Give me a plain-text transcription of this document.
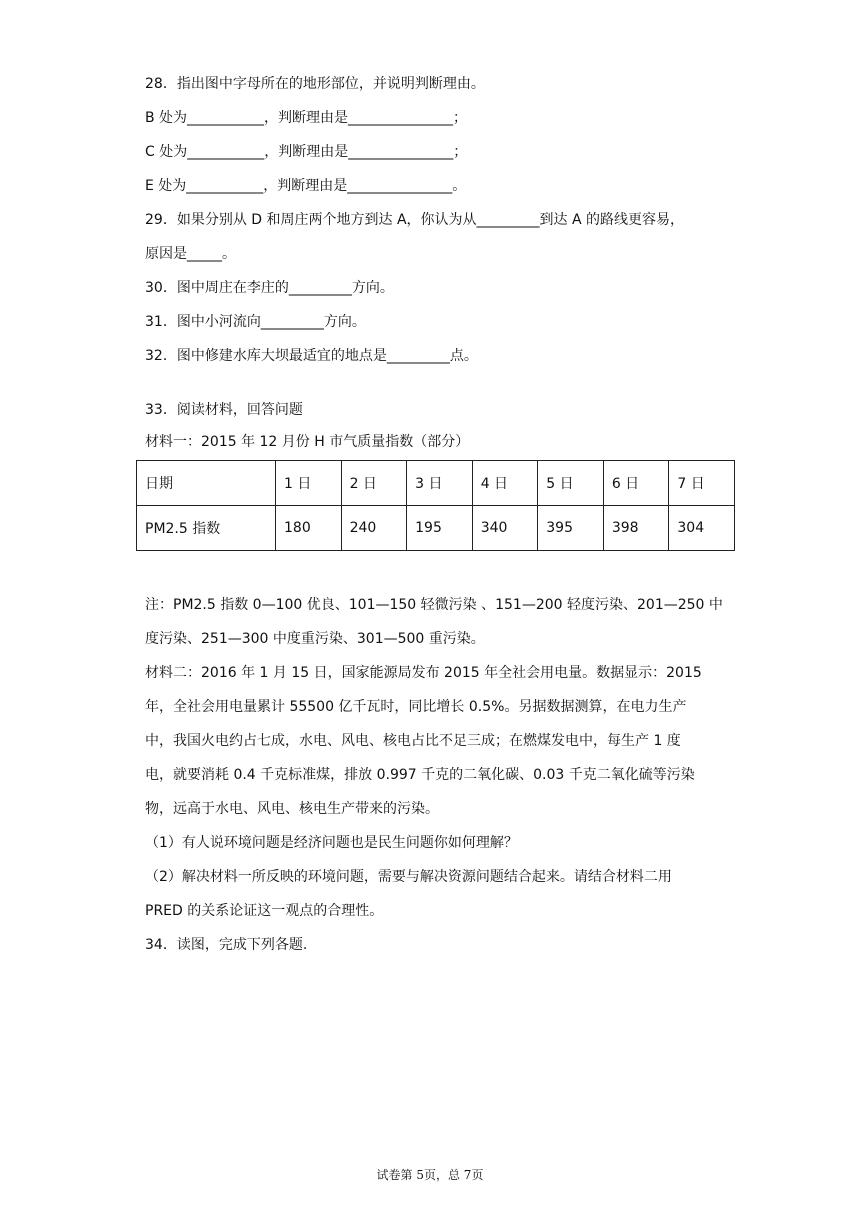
28．指出图中字母所在的地形部位，并说明判断理由。
B 处为___________，判断理由是_______________；
C 处为___________，判断理由是_______________；
E 处为___________，判断理由是_______________。
29．如果分别从 D 和周庄两个地方到达 A，你认为从_________到达 A 的路线更容易，
原因是_____。
30．图中周庄在李庄的_________方向。
31．图中小河流向_________方向。
32．图中修建水库大坝最适宜的地点是_________点。
33．阅读材料，回答问题
材料一：2015 年 12 月份 H 市气质量指数（部分）
日期	1 日	2 日	3 日	4 日	5 日	6 日	7 日
PM2.5 指数	180	240	195	340	395	398	304
注：PM2.5 指数 0—100 优良、101—150 轻微污染 、151—200 轻度污染、201—250 中
度污染、251—300 中度重污染、301—500 重污染。
材料二：2016 年 1 月 15 日，国家能源局发布 2015 年全社会用电量。数据显示：2015
年，全社会用电量累计 55500 亿千瓦时，同比增长 0.5%。另据数据测算，在电力生产
中，我国火电约占七成，水电、风电、核电占比不足三成；在燃煤发电中，每生产 1 度
电，就要消耗 0.4 千克标准煤，排放 0.997 千克的二氧化碳、0.03 千克二氧化硫等污染
物，远高于水电、风电、核电生产带来的污染。
（1）有人说环境问题是经济问题也是民生问题你如何理解？
（2）解决材料一所反映的环境问题，需要与解决资源问题结合起来。请结合材料二用
PRED 的关系论证这一观点的合理性。
34．读图，完成下列各题.
试卷第 5页，总 7页
